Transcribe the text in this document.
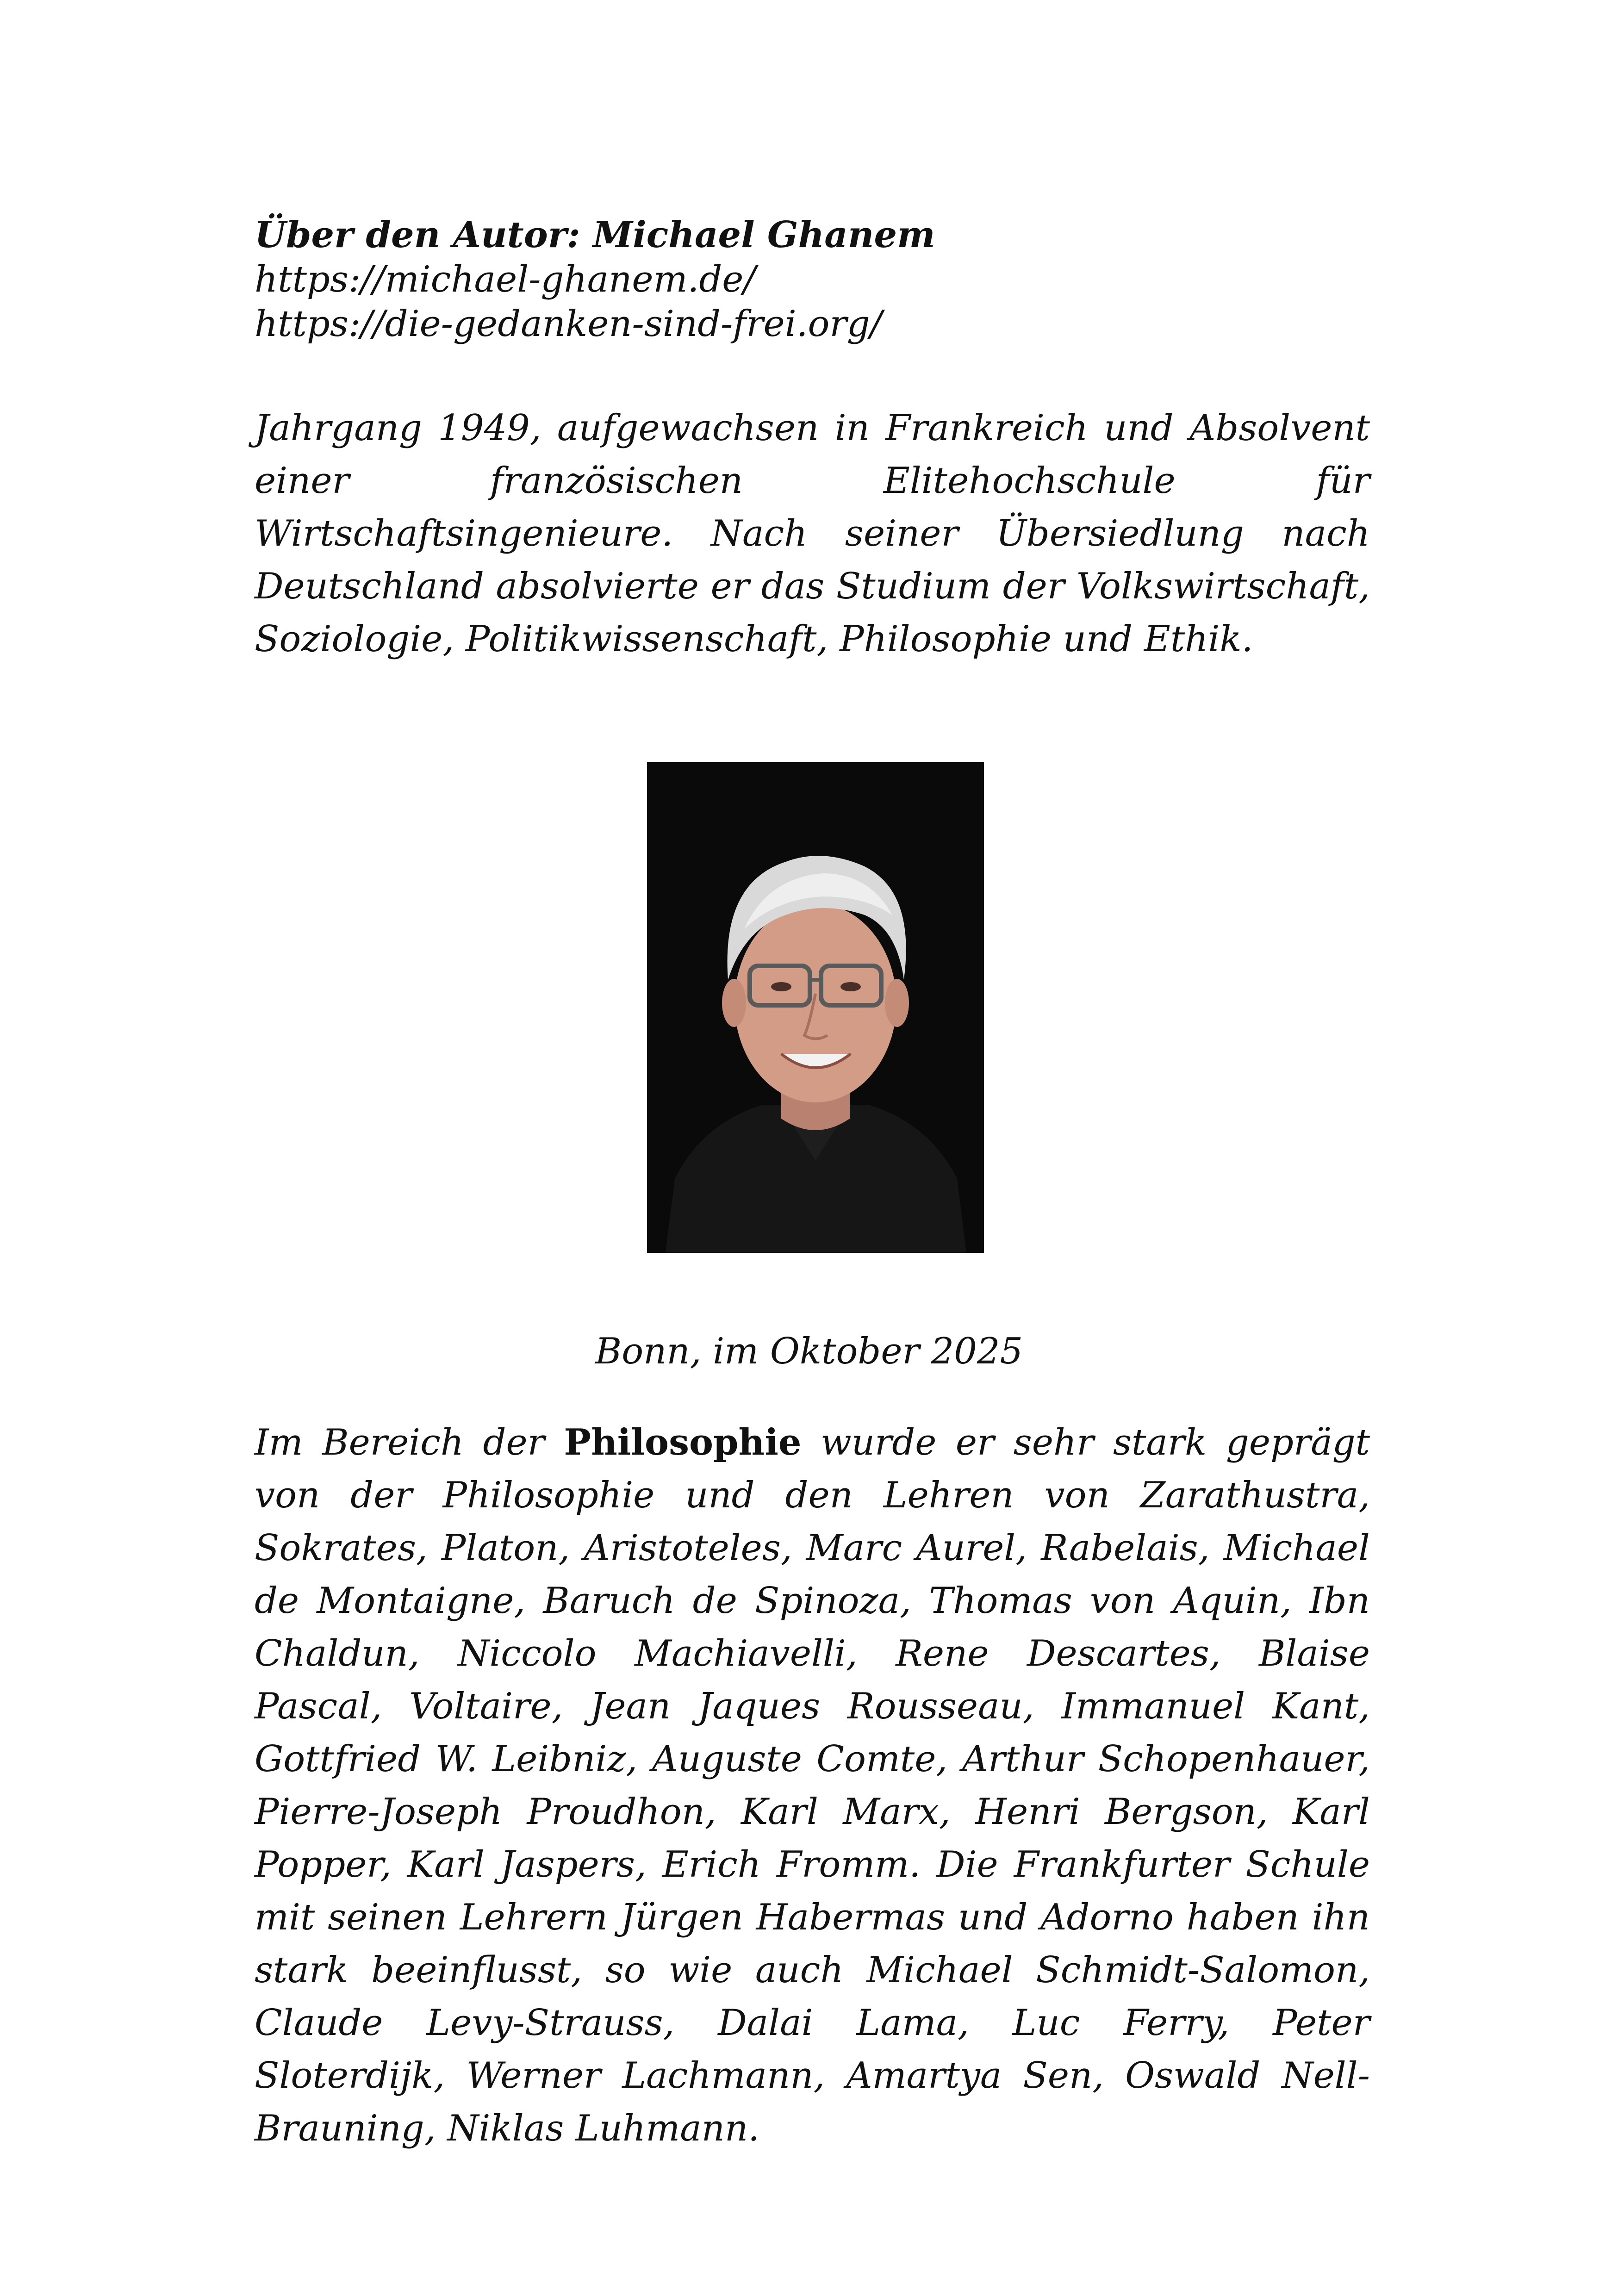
Über den Autor: Michael Ghanem
https://michael-ghanem.de/
https://die-gedanken-sind-frei.org/

Jahrgang 1949, aufgewachsen in Frankreich und Absolvent einer französischen Elitehochschule für Wirtschaftsingenieure. Nach seiner Übersiedlung nach Deutschland absolvierte er das Studium der Volkswirtschaft, Soziologie, Politikwissenschaft, Philosophie und Ethik.

Bonn, im Oktober 2025

Im Bereich der Philosophie wurde er sehr stark geprägt von der Philosophie und den Lehren von Zarathustra, Sokrates, Platon, Aristoteles, Marc Aurel, Rabelais, Michael de Montaigne, Baruch de Spinoza, Thomas von Aquin, Ibn Chaldun, Niccolo Machiavelli, Rene Descartes, Blaise Pascal, Voltaire, Jean Jaques Rousseau, Immanuel Kant, Gottfried W. Leibniz, Auguste Comte, Arthur Schopenhauer, Pierre-Joseph Proudhon, Karl Marx, Henri Bergson, Karl Popper, Karl Jaspers, Erich Fromm. Die Frankfurter Schule mit seinen Lehrern Jürgen Habermas und Adorno haben ihn stark beeinflusst, so wie auch Michael Schmidt-Salomon, Claude Levy-Strauss, Dalai Lama, Luc Ferry, Peter Sloterdijk, Werner Lachmann, Amartya Sen, Oswald Nell-Brauning, Niklas Luhmann.
